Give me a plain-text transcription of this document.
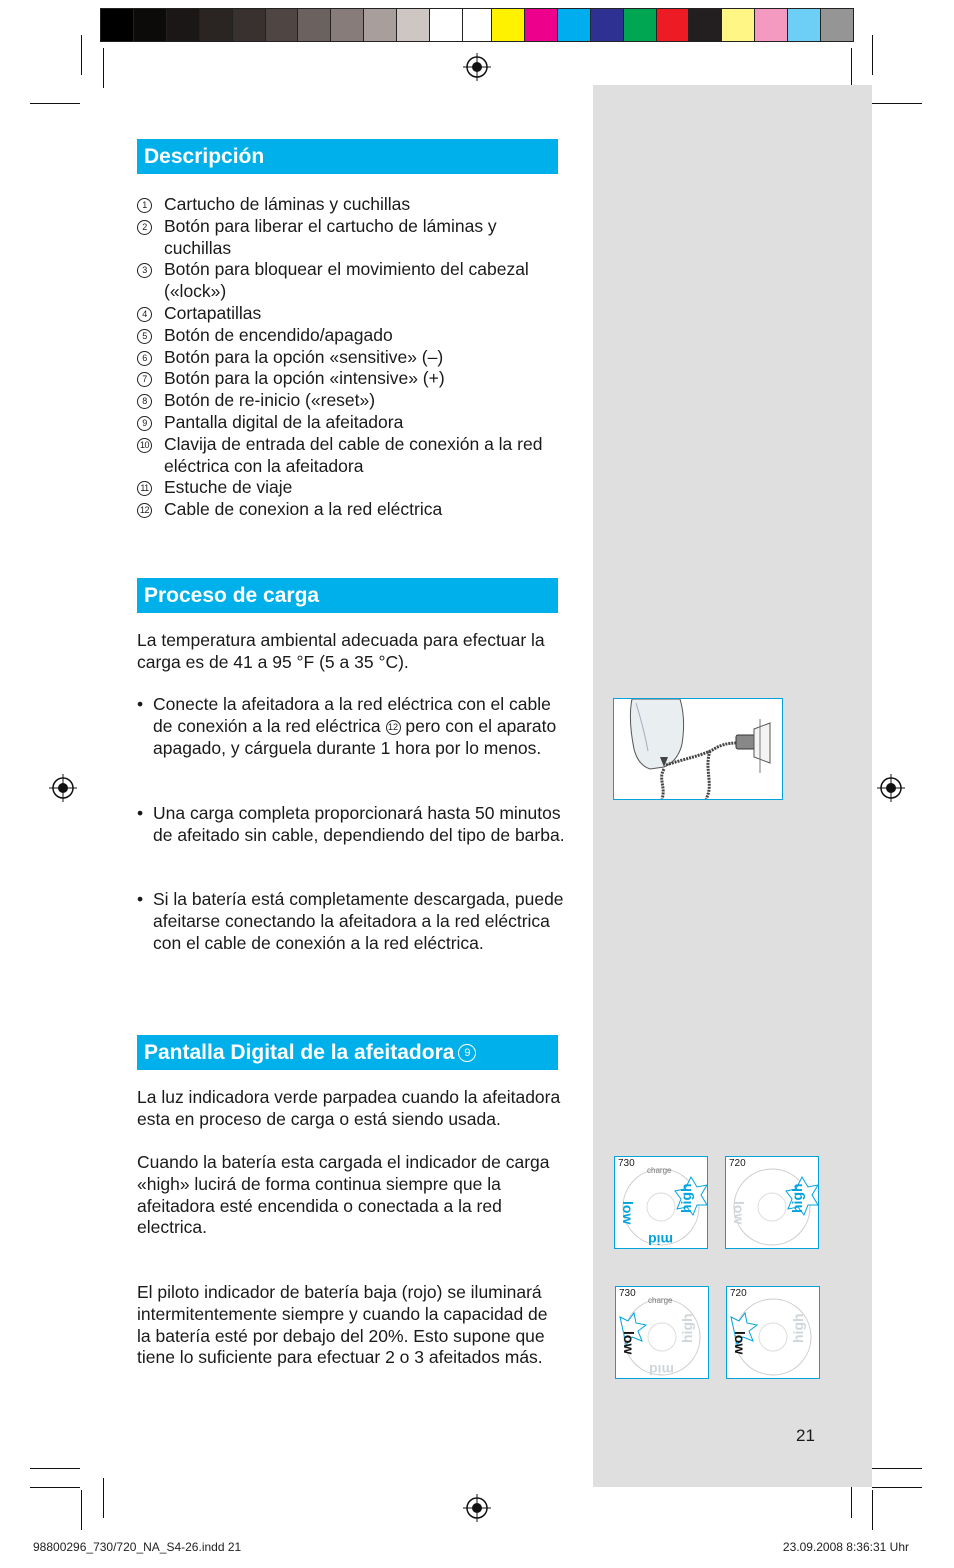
Descripción
1 Cartucho de láminas y cuchillas
2 Botón para liberar el cartucho de láminas y cuchillas
3 Botón para bloquear el movimiento del cabezal («lock»)
4 Cortapatillas
5 Botón de encendido/apagado
6 Botón para la opción «sensitive» (–)
7 Botón para la opción «intensive» (+)
8 Botón de re-inicio («reset»)
9 Pantalla digital de la afeitadora
10 Clavija de entrada del cable de conexión a la red eléctrica con la afeitadora
11 Estuche de viaje
12 Cable de conexion a la red eléctrica
Proceso de carga

La temperatura ambiental adecuada para efectuar la carga es de 41 a 95 °F (5 a 35 °C).

• Conecte la afeitadora a la red eléctrica con el cable de conexión a la red eléctrica 12 pero con el aparato apagado, y cárguela durante 1 hora por lo menos.
• Una carga completa proporcionará hasta 50 minutos de afeitado sin cable, dependiendo del tipo de barba.
• Si la batería está completamente descargada, puede afeitarse conectando la afeitadora a la red eléctrica con el cable de conexión a la red eléctrica.
Pantalla Digital de la afeitadora 9

La luz indicadora verde parpadea cuando la afeitadora esta en proceso de carga o está siendo usada.

Cuando la batería esta cargada el indicador de carga «high» lucirá de forma continua siempre que la afeitadora esté encendida o conectada a la red electrica.

El piloto indicador de batería baja (rojo) se iluminará intermitentemente siempre y cuando la capacidad de la batería esté por debajo del 20%. Esto supone que tiene lo suficiente para efectuar 2 o 3 afeitados más.

730
charge
low
mid
high
720
low	high
730
charge
low
mid
high
720
low	high
21
98800296_730/720_NA_S4-26.indd 21	23.09.2008 8:36:31 Uhr
